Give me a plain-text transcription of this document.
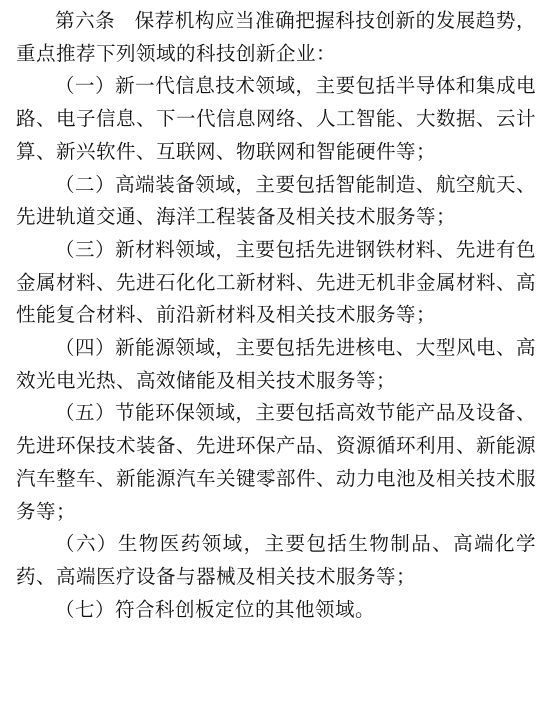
第六条 保荐机构应当准确把握科技创新的发展趋势，重点推荐下列领域的科技创新企业：

（一）新一代信息技术领域，主要包括半导体和集成电路、电子信息、下一代信息网络、人工智能、大数据、云计算、新兴软件、互联网、物联网和智能硬件等；

（二）高端装备领域，主要包括智能制造、航空航天、先进轨道交通、海洋工程装备及相关技术服务等；

（三）新材料领域，主要包括先进钢铁材料、先进有色金属材料、先进石化化工新材料、先进无机非金属材料、高性能复合材料、前沿新材料及相关技术服务等；

（四）新能源领域，主要包括先进核电、大型风电、高效光电光热、高效储能及相关技术服务等；

（五）节能环保领域，主要包括高效节能产品及设备、先进环保技术装备、先进环保产品、资源循环利用、新能源汽车整车、新能源汽车关键零部件、动力电池及相关技术服务等；

（六）生物医药领域，主要包括生物制品、高端化学药、高端医疗设备与器械及相关技术服务等；

（七）符合科创板定位的其他领域。
